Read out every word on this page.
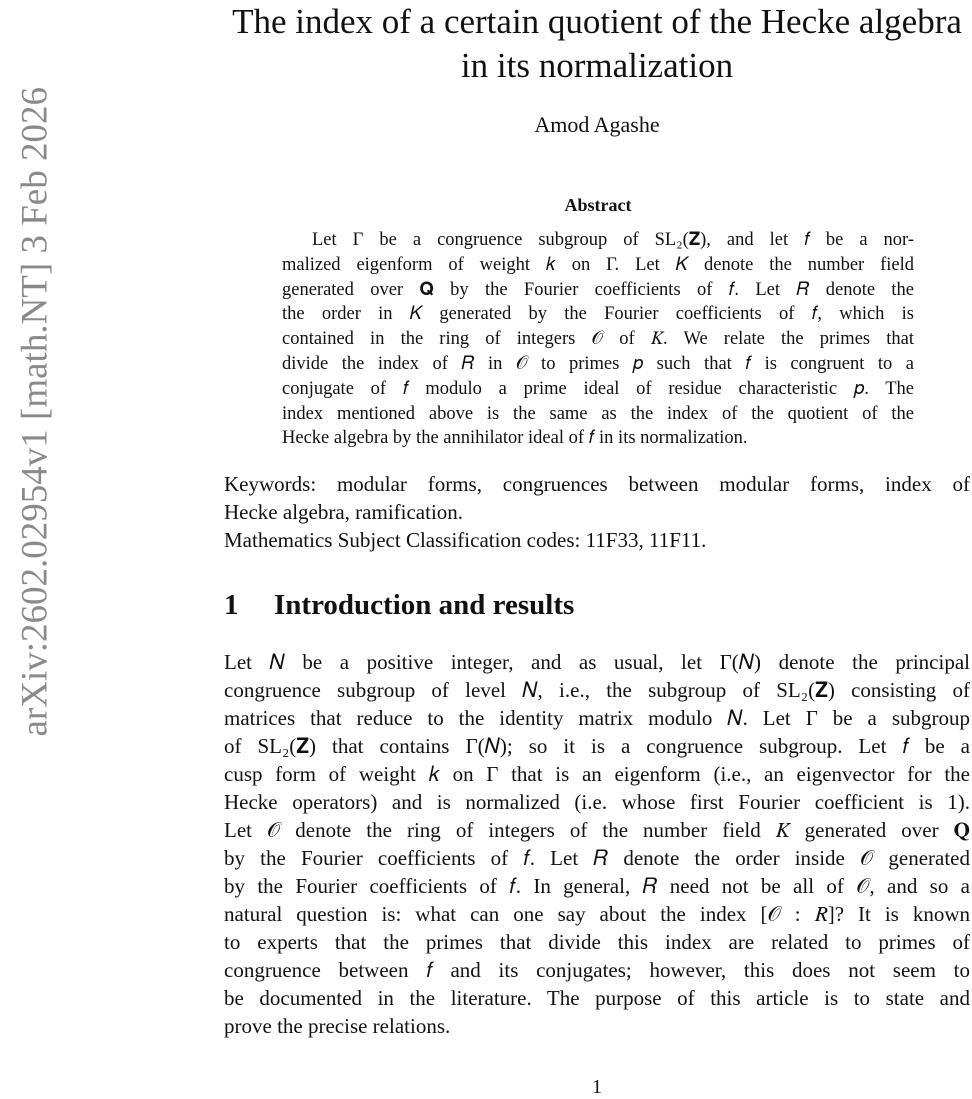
arXiv:2602.02954v1 [math.NT] 3 Feb 2026
The index of a certain quotient of the Hecke algebra
in its normalization
Amod Agashe
Abstract
Let Γ be a congruence subgroup of SL₂(𝐙), and let 𝑓 be a nor-
malized eigenform of weight 𝑘 on Γ. Let 𝐾 denote the number field
generated over 𝐐 by the Fourier coefficients of 𝑓. Let 𝑅 denote the
the order in 𝐾 generated by the Fourier coefficients of 𝑓, which is
contained in the ring of integers 𝒪 of 𝐾. We relate the primes that
divide the index of 𝑅 in 𝒪 to primes 𝑝 such that 𝑓 is congruent to a
conjugate of 𝑓 modulo a prime ideal of residue characteristic 𝑝. The
index mentioned above is the same as the index of the quotient of the
Hecke algebra by the annihilator ideal of 𝑓 in its normalization.
Keywords: modular forms, congruences between modular forms, index of
Hecke algebra, ramification.
Mathematics Subject Classification codes: 11F33, 11F11.
1 Introduction and results
Let 𝑁 be a positive integer, and as usual, let Γ(𝑁) denote the principal
congruence subgroup of level 𝑁, i.e., the subgroup of SL₂(𝐙) consisting of
matrices that reduce to the identity matrix modulo 𝑁. Let Γ be a subgroup
of SL₂(𝐙) that contains Γ(𝑁); so it is a congruence subgroup. Let 𝑓 be a
cusp form of weight 𝑘 on Γ that is an eigenform (i.e., an eigenvector for the
Hecke operators) and is normalized (i.e. whose first Fourier coefficient is 1).
Let 𝒪 denote the ring of integers of the number field 𝐾 generated over 𝐐
by the Fourier coefficients of 𝑓. Let 𝑅 denote the order inside 𝒪 generated
by the Fourier coefficients of 𝑓. In general, 𝑅 need not be all of 𝒪, and so a
natural question is: what can one say about the index [𝒪 : 𝑅]? It is known
to experts that the primes that divide this index are related to primes of
congruence between 𝑓 and its conjugates; however, this does not seem to
be documented in the literature. The purpose of this article is to state and
prove the precise relations.
1
